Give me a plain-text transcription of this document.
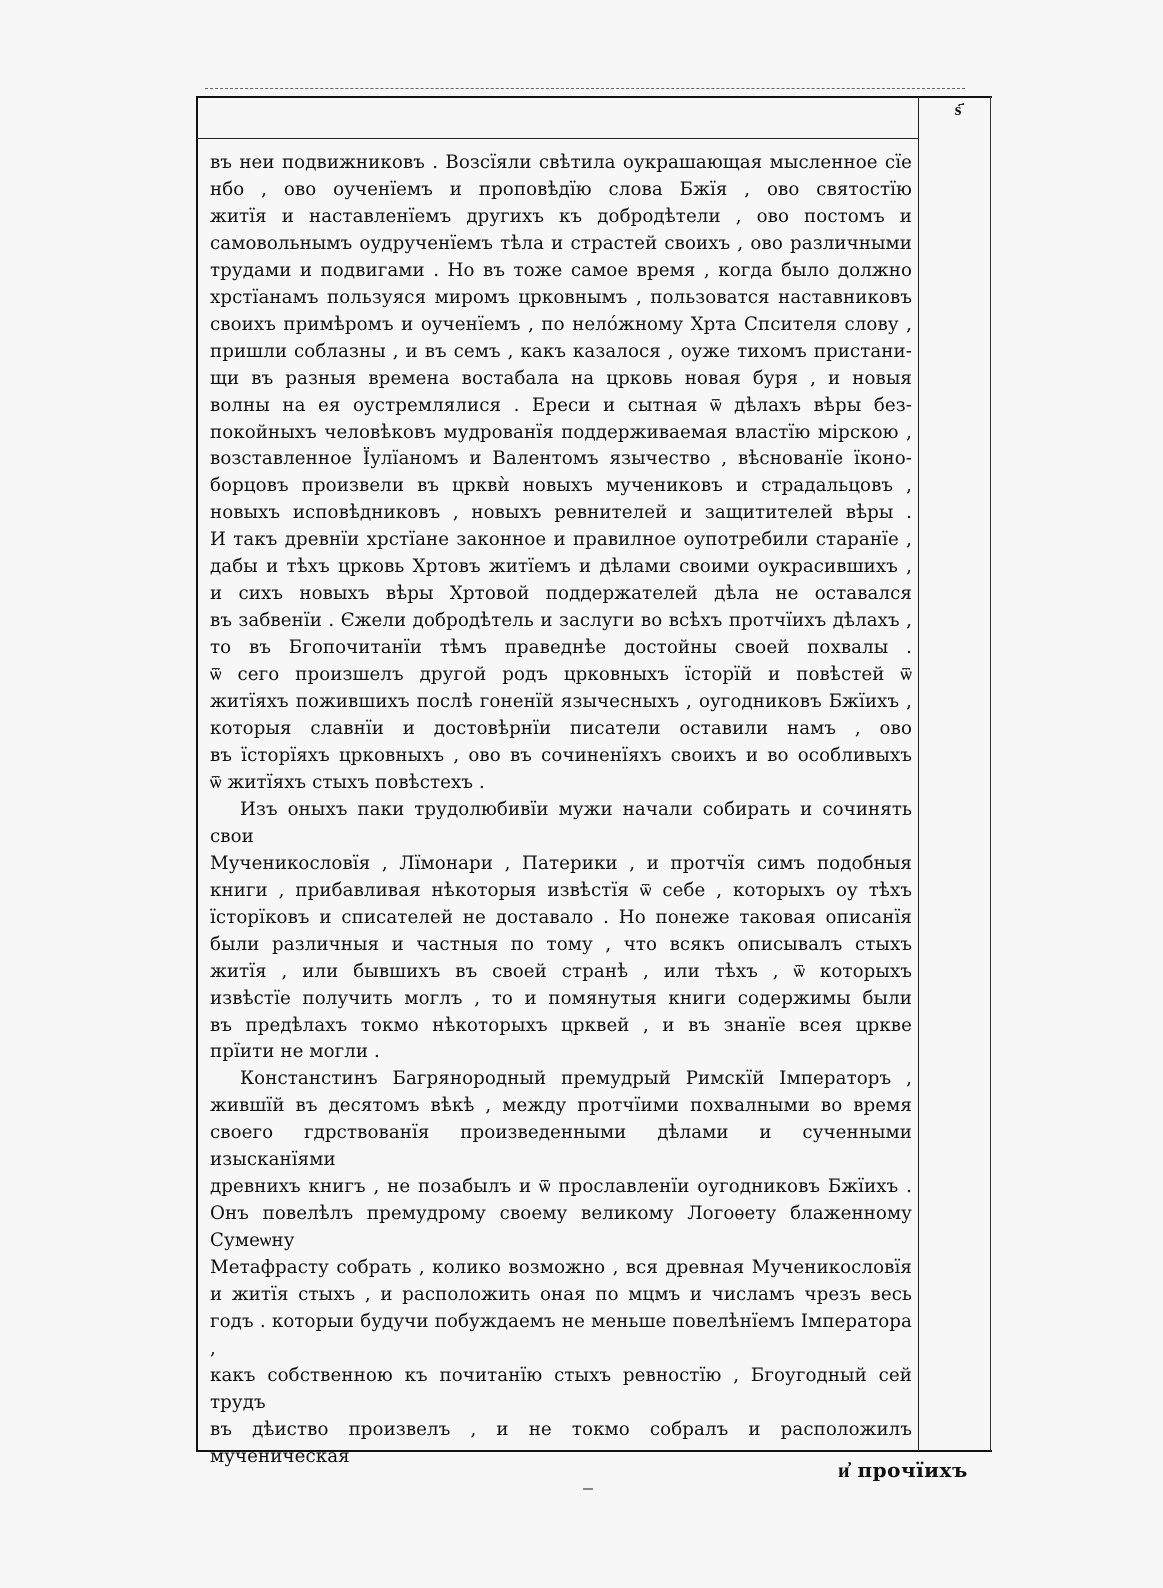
ѕ҃

въ неи подвижниковъ . Возсїяли свѣтила оукрашающая мысленное сїе

нбо , ово оученїемъ и проповѣдїю слова Бжїя , ово святостїю

житїя и наставленїемъ другихъ къ добродѣтели , ово постомъ и

самовольнымъ оудрученїемъ тѣла и страстей своихъ , ово различными

трудами и подвигами . Но въ тоже самое время , когда было должно

хрстїанамъ пользуяся миромъ црковнымъ , пользоватся наставниковъ

своихъ примѣромъ и оученїемъ , по нело́жному Хрта Спсителя слову ,

пришли соблазны , и въ семъ , какъ казалося , оуже тихомъ пристани-

щи въ разныя времена востабала на црковь новая буря , и новыя

волны на ея оустремлялися . Ереси и сытная ѿ дѣлахъ вѣры без-

покойныхъ человѣковъ мудрованїя поддерживаемая властїю мірскою ,

возставленное Їулїаномъ и Валентомъ язычество , вѣснованїе їконо-

борцовъ произвели въ црквѝ новыхъ мучениковъ и страдальцовъ ,

новыхъ исповѣдниковъ , новыхъ ревнителей и защитителей вѣры .

И такъ древнїи хрстїане законное и правилное оупотребили старанїе ,

дабы и тѣхъ црковь Хртовъ житїемъ и дѣлами своими оукрасившихъ ,

и сихъ новыхъ вѣры Хртовой поддержателей дѣла не оставался

въ забвенїи . Єжели добродѣтель и заслуги во всѣхъ протчїихъ дѣлахъ ,

то въ Бгопочитанїи тѣмъ праведнѣе достойны своей похвалы .

ѿ сего произшелъ другой родъ црковныхъ їсторїй и повѣстей ѿ

житїяхъ пожившихъ послѣ гоненїй язычесныхъ , оугодниковъ Бжїихъ ,

которыя славнїи и достовѣрнїи писатели оставили намъ , ово

въ їсторїяхъ црковныхъ , ово въ сочиненїяхъ своихъ и во особливыхъ

ѿ житїяхъ стыхъ повѣстехъ .

Изъ оныхъ паки трудолюбивїи мужи начали собирать и сочинять свои

Мученикословїя , Лїмонари , Патерики , и протчїя симъ подобныя

книги , прибавливая нѣкоторыя извѣстїя ѿ себе , которыхъ оу тѣхъ

їсторїковъ и списателей не доставало . Но понеже таковая описанїя

были различныя и частныя по тому , что всякъ описывалъ стыхъ

житїя , или бывшихъ въ своей странѣ , или тѣхъ , ѿ которыхъ

извѣстїе получить моглъ , то и помянутыя книги содержимы были

въ предѣлахъ токмо нѣкоторыхъ црквей , и въ знанїе всея цркве

прїити не могли .

Констанстинъ Багрянородный премудрый Римскїй Імператоръ ,

жившїй въ десятомъ вѣкѣ , между протчїими похвалными во время

своего гдрствованїя произведенными дѣлами и сученными изысканїями

древнихъ книгъ , не позабылъ и ѿ прославленїи оугодниковъ Бжїихъ .

Онъ повелѣлъ премудрому своему великому Логоѳету блаженному Сумеѡну

Метафрасту собрать , колико возможно , вся древная Мученикословїя

и житїя стыхъ , и расположить оная по мцмъ и числамъ чрезъ весь

годъ . которыи будучи побуждаемъ не меньше повелѣнїемъ Імператора ,

какъ собственною къ почитанїю стыхъ ревностїю , Бгоугодный сей трудъ

въ дѣиство произвелъ , и не токмо собралъ и расположилъ мученическая

и҆ прочїихъ
